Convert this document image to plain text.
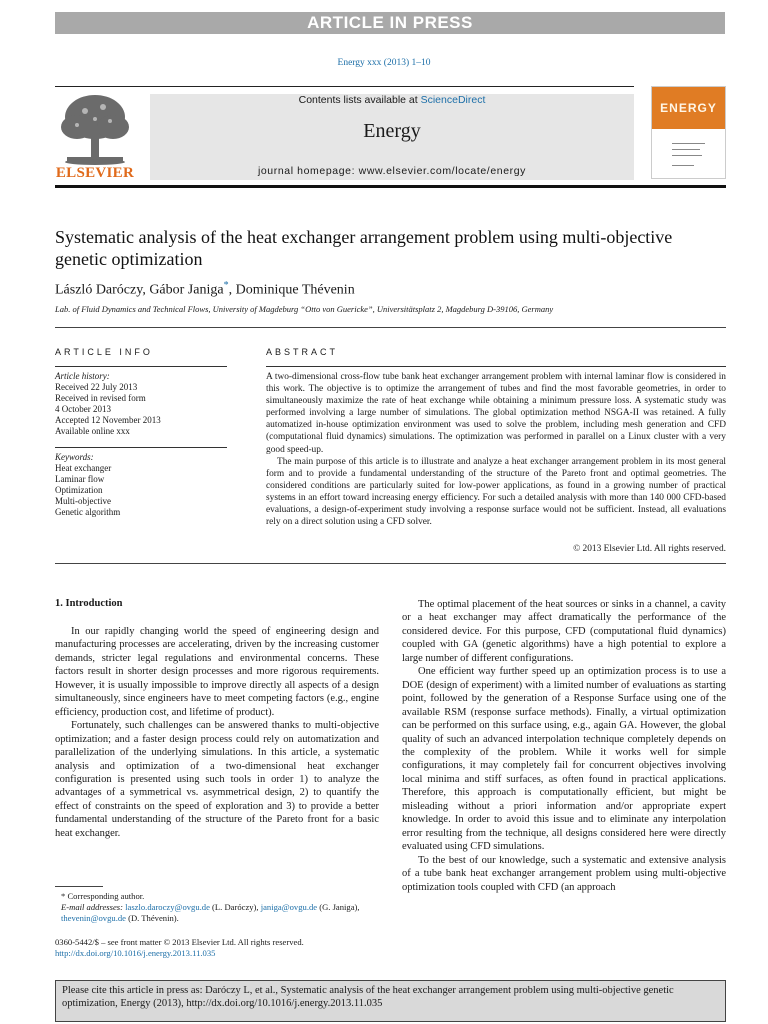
ARTICLE IN PRESS
Energy xxx (2013) 1–10
ELSEVIER
Contents lists available at ScienceDirect
Energy
journal homepage: www.elsevier.com/locate/energy
ENERGY
Systematic analysis of the heat exchanger arrangement problem using multi-objective genetic optimization
László Daróczy, Gábor Janiga*, Dominique Thévenin
Lab. of Fluid Dynamics and Technical Flows, University of Magdeburg “Otto von Guericke”, Universitätsplatz 2, Magdeburg D-39106, Germany
ARTICLE INFO	ABSTRACT
Article history:
Received 22 July 2013
Received in revised form
4 October 2013
Accepted 12 November 2013
Available online xxx
Keywords:
Heat exchanger
Laminar flow
Optimization
Multi-objective
Genetic algorithm

A two-dimensional cross-flow tube bank heat exchanger arrangement problem with internal laminar flow is considered in this work. The objective is to optimize the arrangement of tubes and find the most favorable geometries, in order to simultaneously maximize the rate of heat exchange while obtaining a minimum pressure loss. A systematic study was performed involving a large number of simulations. The global optimization method NSGA-II was retained. A fully automatized in-house optimization environment was used to solve the problem, including mesh generation and CFD (computational fluid dynamics) simulations. The optimization was performed in parallel on a Linux cluster with a very good speed-up.

The main purpose of this article is to illustrate and analyze a heat exchanger arrangement problem in its most general form and to provide a fundamental understanding of the structure of the Pareto front and optimal geometries. The considered conditions are particularly suited for low-power applications, as found in a growing number of practical systems in an effort toward increasing energy efficiency. For such a detailed analysis with more than 140 000 CFD-based evaluations, a design-of-experiment study involving a response surface would not be sufficient. Instead, all evaluations rely on a direct solution using a CFD solver.

© 2013 Elsevier Ltd. All rights reserved.
1. Introduction

In our rapidly changing world the speed of engineering design and manufacturing processes are accelerating, driven by the increasing customer demands, stricter legal regulations and environmental concerns. These factors result in shorter design processes and more rigorous requirements. However, it is usually impossible to improve directly all aspects of a design simultaneously, since engineers have to meet competing factors (e.g., engine efficiency, production cost, and lifetime of product).

Fortunately, such challenges can be answered thanks to multi-objective optimization; and a faster design process could rely on automatization and parallelization of the underlying simulations. In this article, a systematic analysis and optimization of a two-dimensional heat exchanger configuration is presented using such tools in order 1) to analyze the advantages of a symmetrical vs. asymmetrical design, 2) to quantify the effect of constraints on the speed of exploration and 3) to provide a better fundamental understanding of the structure of the Pareto front for a basic heat exchanger.

The optimal placement of the heat sources or sinks in a channel, a cavity or a heat exchanger may affect dramatically the performance of the considered device. For this purpose, CFD (computational fluid dynamics) coupled with GA (genetic algorithms) have a high potential to explore a large number of different configurations.

One efficient way further speed up an optimization process is to use a DOE (design of experiment) with a limited number of evaluations as starting point, followed by the generation of a Response Surface using one of the available RSM (response surface methods). Finally, a virtual optimization can be performed on this surface using, e.g., again GA. However, the global quality of such an advanced interpolation technique completely depends on the complexity of the problem. While it works well for simple configurations, it may completely fail for concurrent objectives involving local minima and stiff surfaces, as often found in practical applications. Therefore, this approach is computationally efficient, but might be misleading without a priori information and/or appropriate expert knowledge. In order to avoid this issue and to eliminate any interpolation error resulting from the technique, all designs considered here were directly evaluated using CFD simulations.

To the best of our knowledge, such a systematic and extensive analysis of a tube bank heat exchanger arrangement problem using multi-objective optimization tools coupled with CFD (an approach

* Corresponding author.
E-mail addresses: laszlo.daroczy@ovgu.de (L. Daróczy), janiga@ovgu.de (G. Janiga), thevenin@ovgu.de (D. Thévenin).
0360-5442/$ – see front matter © 2013 Elsevier Ltd. All rights reserved.
http://dx.doi.org/10.1016/j.energy.2013.11.035
Please cite this article in press as: Daróczy L, et al., Systematic analysis of the heat exchanger arrangement problem using multi-objective genetic optimization, Energy (2013), http://dx.doi.org/10.1016/j.energy.2013.11.035
